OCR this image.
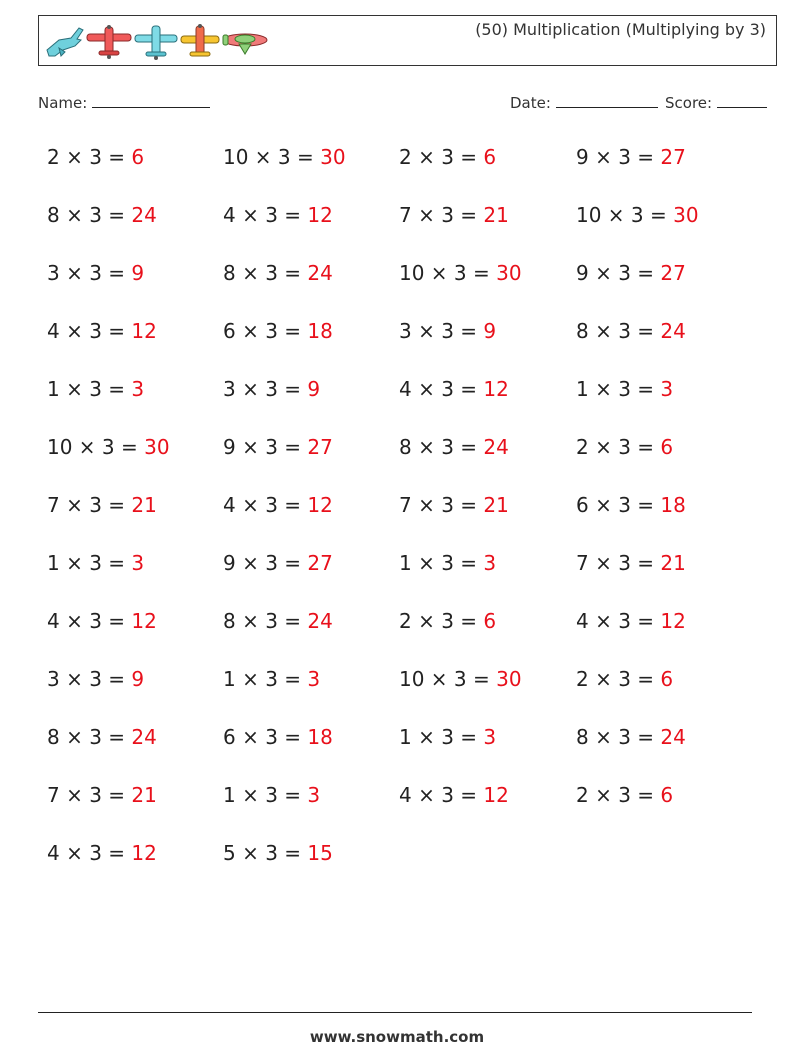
(50) Multiplication (Multiplying by 3)
Name:	Date:	Score:
2 × 3 = 6	10 × 3 = 30	2 × 3 = 6	9 × 3 = 27
8 × 3 = 24	4 × 3 = 12	7 × 3 = 21	10 × 3 = 30
3 × 3 = 9	8 × 3 = 24	10 × 3 = 30	9 × 3 = 27
4 × 3 = 12	6 × 3 = 18	3 × 3 = 9	8 × 3 = 24
1 × 3 = 3	3 × 3 = 9	4 × 3 = 12	1 × 3 = 3
10 × 3 = 30	9 × 3 = 27	8 × 3 = 24	2 × 3 = 6
7 × 3 = 21	4 × 3 = 12	7 × 3 = 21	6 × 3 = 18
1 × 3 = 3	9 × 3 = 27	1 × 3 = 3	7 × 3 = 21
4 × 3 = 12	8 × 3 = 24	2 × 3 = 6	4 × 3 = 12
3 × 3 = 9	1 × 3 = 3	10 × 3 = 30	2 × 3 = 6
8 × 3 = 24	6 × 3 = 18	1 × 3 = 3	8 × 3 = 24
7 × 3 = 21	1 × 3 = 3	4 × 3 = 12	2 × 3 = 6
4 × 3 = 12	5 × 3 = 15
www.snowmath.com
